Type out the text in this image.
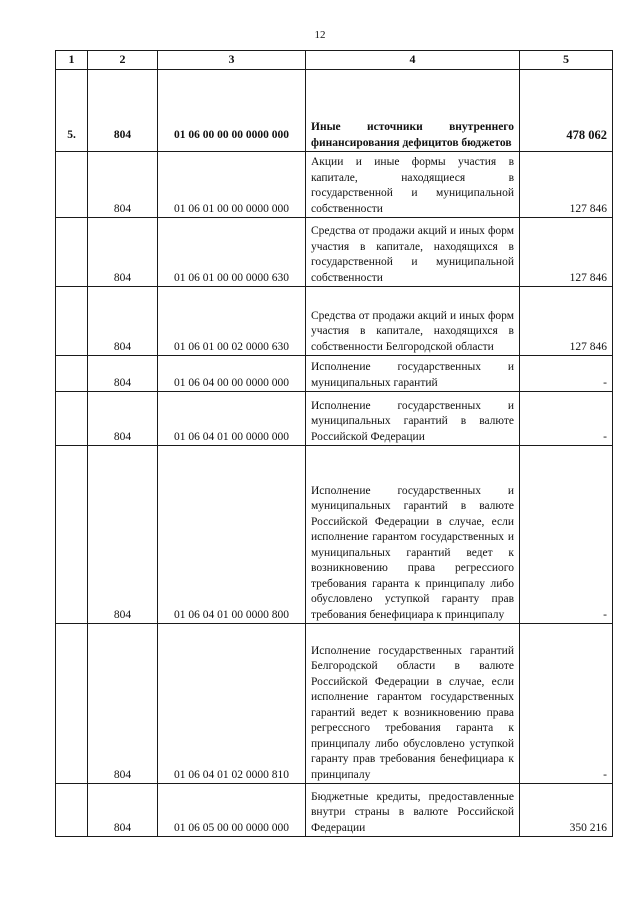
12
1	2	3	4	5
5.	804	01 06 00 00 00 0000 000	Иные источники внутреннего финансирования дефицитов бюджетов	478 062
	804	01 06 01 00 00 0000 000	Акции и иные формы участия в капитале, находящиеся в государственной и муниципальной собственности	127 846
	804	01 06 01 00 00 0000 630	Средства от продажи акций и иных форм участия в капитале, находящихся в государственной и муниципальной собственности	127 846
	804	01 06 01 00 02 0000 630	Средства от продажи акций и иных форм участия в капитале, находящихся в собственности Белгородской области	127 846
	804	01 06 04 00 00 0000 000	Исполнение государственных и муниципальных гарантий	-
	804	01 06 04 01 00 0000 000	Исполнение государственных и муниципальных гарантий в валюте Российской Федерации	-
	804	01 06 04 01 00 0000 800	Исполнение государственных и муниципальных гарантий в валюте Российской Федерации в случае, если исполнение гарантом государственных и муниципальных гарантий ведет к возникновению права регрессиого требования гаранта к принципалу либо обусловлено уступкой гаранту прав требования бенефициара к принципалу	-
	804	01 06 04 01 02 0000 810	Исполнение государственных гарантий Белгородской области в валюте Российской Федерации в случае, если исполнение гарантом государственных гарантий ведет к возникновению права регрессного требования гаранта к принципалу либо обусловлено уступкой гаранту прав требования бенефициара к принципалу	-
	804	01 06 05 00 00 0000 000	Бюджетные кредиты, предоставленные внутри страны в валюте Российской Федерации	350 216
